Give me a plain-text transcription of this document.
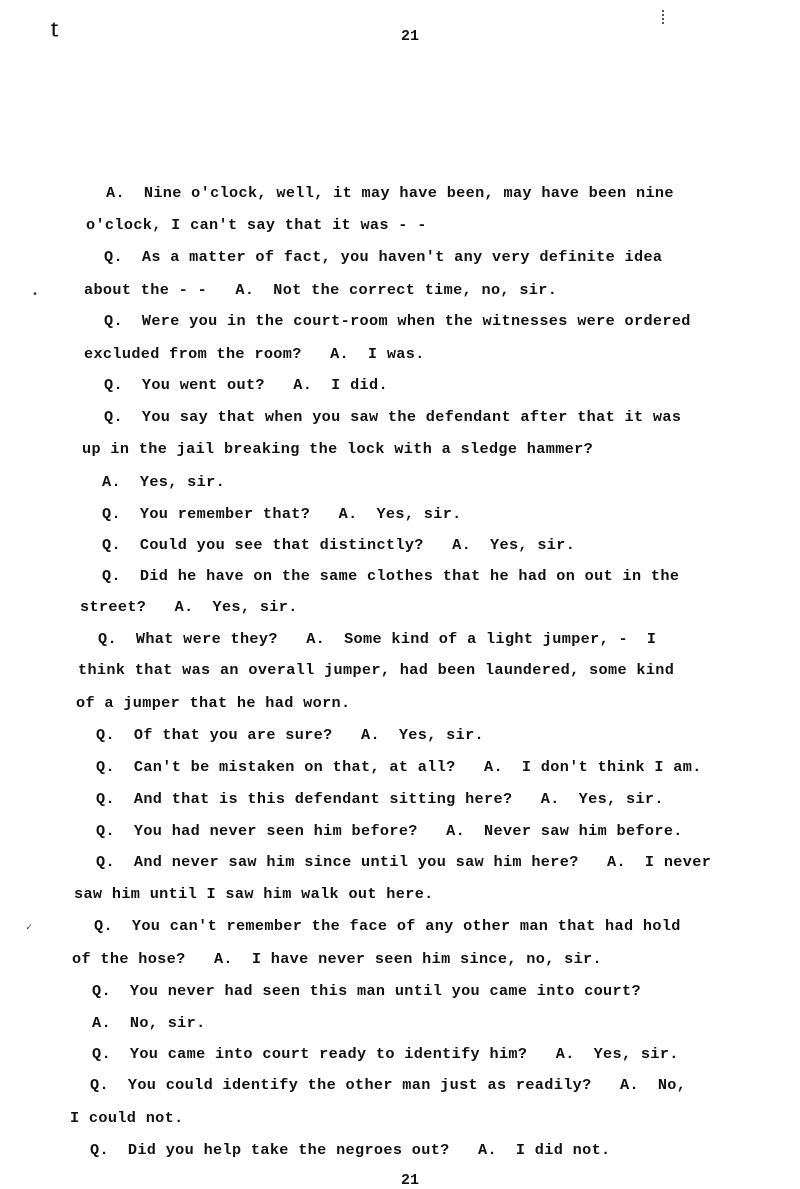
ʈ	21
•
✓
A.  Nine o'clock, well, it may have been, may have been nine
o'clock, I can't say that it was - -
Q.  As a matter of fact, you haven't any very definite idea
about the - -   A.  Not the correct time, no, sir.
Q.  Were you in the court-room when the witnesses were ordered
excluded from the room?   A.  I was.
Q.  You went out?   A.  I did.
Q.  You say that when you saw the defendant after that it was
up in the jail breaking the lock with a sledge hammer?
A.  Yes, sir.
Q.  You remember that?   A.  Yes, sir.
Q.  Could you see that distinctly?   A.  Yes, sir.
Q.  Did he have on the same clothes that he had on out in the
street?   A.  Yes, sir.
Q.  What were they?   A.  Some kind of a light jumper, -  I
think that was an overall jumper, had been laundered, some kind
of a jumper that he had worn.
Q.  Of that you are sure?   A.  Yes, sir.
Q.  Can't be mistaken on that, at all?   A.  I don't think I am.
Q.  And that is this defendant sitting here?   A.  Yes, sir.
Q.  You had never seen him before?   A.  Never saw him before.
Q.  And never saw him since until you saw him here?   A.  I never
saw him until I saw him walk out here.
Q.  You can't remember the face of any other man that had hold
of the hose?   A.  I have never seen him since, no, sir.
Q.  You never had seen this man until you came into court?
A.  No, sir.
Q.  You came into court ready to identify him?   A.  Yes, sir.
Q.  You could identify the other man just as readily?   A.  No,
I could not.
Q.  Did you help take the negroes out?   A.  I did not.
21
